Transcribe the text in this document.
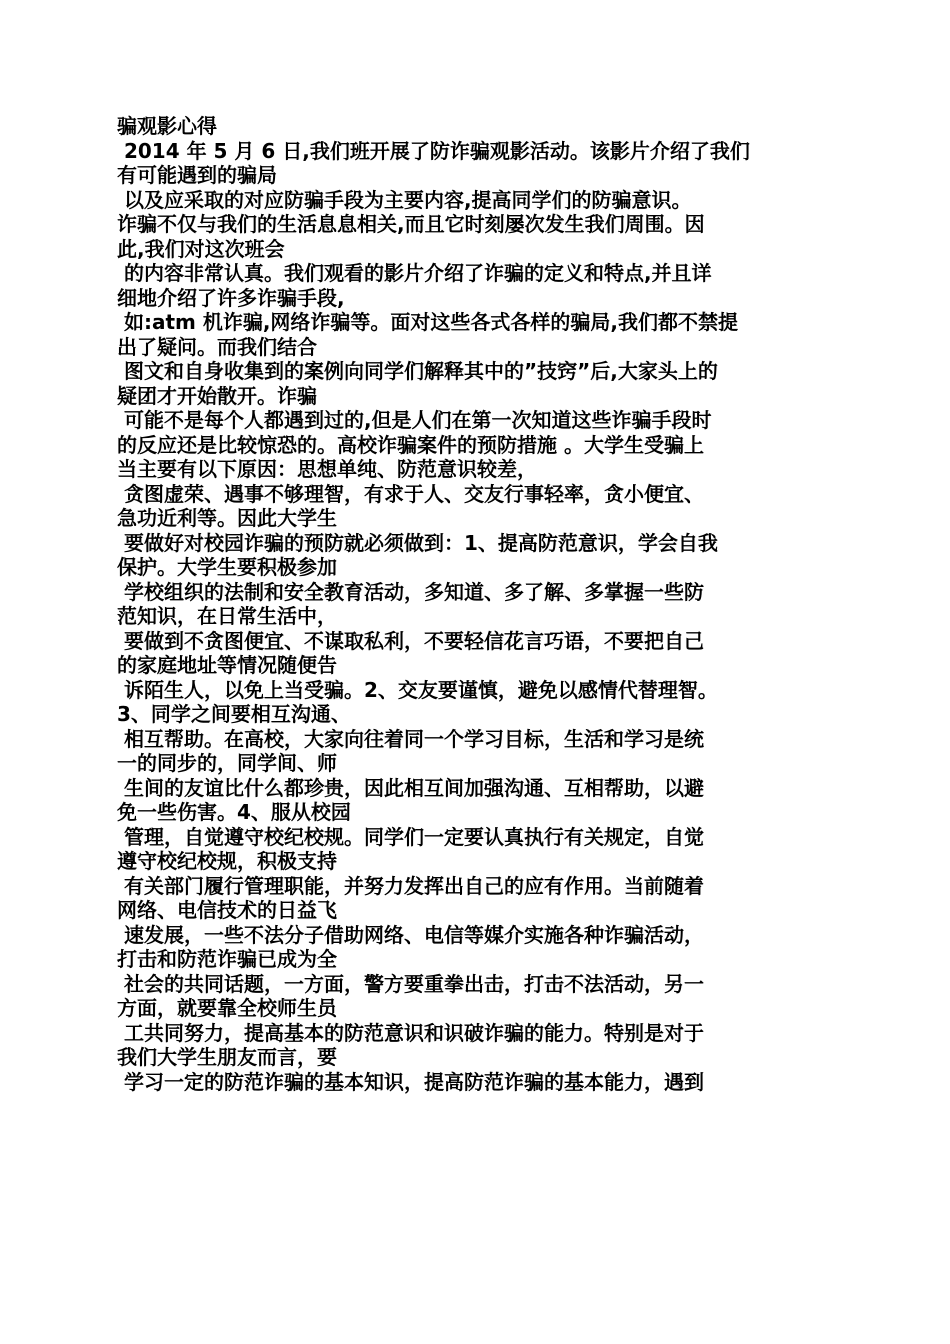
骗观影心得
2014 年 5 月 6 日,我们班开展了防诈骗观影活动。该影片介绍了我们
有可能遇到的骗局
以及应采取的对应防骗手段为主要内容,提高同学们的防骗意识。
诈骗不仅与我们的生活息息相关,而且它时刻屡次发生我们周围。因
此,我们对这次班会
的内容非常认真。我们观看的影片介绍了诈骗的定义和特点,并且详
细地介绍了许多诈骗手段,
如:atm 机诈骗,网络诈骗等。面对这些各式各样的骗局,我们都不禁提
出了疑问。而我们结合
图文和自身收集到的案例向同学们解释其中的”技窍”后,大家头上的
疑团才开始散开。诈骗
可能不是每个人都遇到过的,但是人们在第一次知道这些诈骗手段时
的反应还是比较惊恐的。高校诈骗案件的预防措施 。大学生受骗上
当主要有以下原因：思想单纯、防范意识较差，
贪图虚荣、遇事不够理智，有求于人、交友行事轻率，贪小便宜、
急功近利等。因此大学生
要做好对校园诈骗的预防就必须做到：1、提高防范意识，学会自我
保护。大学生要积极参加
学校组织的法制和安全教育活动，多知道、多了解、多掌握一些防
范知识，在日常生活中，
要做到不贪图便宜、不谋取私利，不要轻信花言巧语，不要把自己
的家庭地址等情况随便告
诉陌生人，以免上当受骗。2、交友要谨慎，避免以感情代替理智。
3、同学之间要相互沟通、
相互帮助。在高校，大家向往着同一个学习目标，生活和学习是统
一的同步的，同学间、师
生间的友谊比什么都珍贵，因此相互间加强沟通、互相帮助，以避
免一些伤害。4、服从校园
管理，自觉遵守校纪校规。同学们一定要认真执行有关规定，自觉
遵守校纪校规，积极支持
有关部门履行管理职能，并努力发挥出自己的应有作用。当前随着
网络、电信技术的日益飞
速发展，一些不法分子借助网络、电信等媒介实施各种诈骗活动，
打击和防范诈骗已成为全
社会的共同话题，一方面，警方要重拳出击，打击不法活动，另一
方面，就要靠全校师生员
工共同努力，提高基本的防范意识和识破诈骗的能力。特别是对于
我们大学生朋友而言，要
学习一定的防范诈骗的基本知识，提高防范诈骗的基本能力，遇到
